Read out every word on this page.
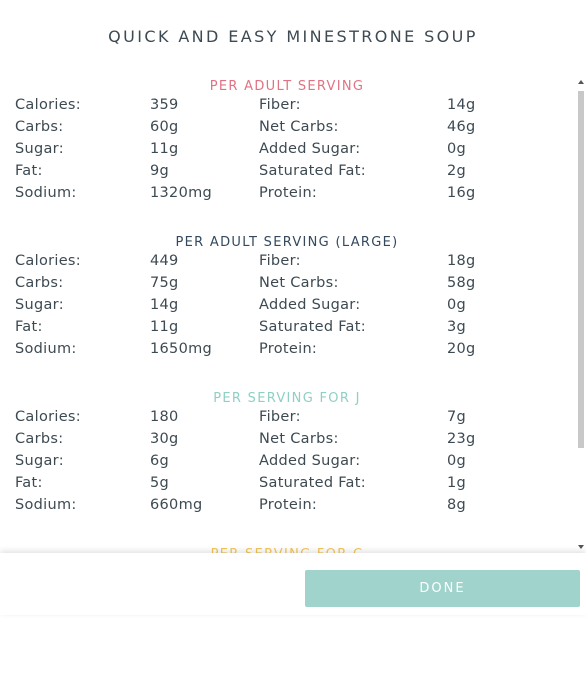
QUICK AND EASY MINESTRONE SOUP
PER ADULT SERVING
Calories:	359	Fiber:	14g
Carbs:	60g	Net Carbs:	46g
Sugar:	11g	Added Sugar:	0g
Fat:	9g	Saturated Fat:	2g
Sodium:	1320mg	Protein:	16g
PER ADULT SERVING (LARGE)
Calories:	449	Fiber:	18g
Carbs:	75g	Net Carbs:	58g
Sugar:	14g	Added Sugar:	0g
Fat:	11g	Saturated Fat:	3g
Sodium:	1650mg	Protein:	20g
PER SERVING FOR J
Calories:	180	Fiber:	7g
Carbs:	30g	Net Carbs:	23g
Sugar:	6g	Added Sugar:	0g
Fat:	5g	Saturated Fat:	1g
Sodium:	660mg	Protein:	8g
DONE
